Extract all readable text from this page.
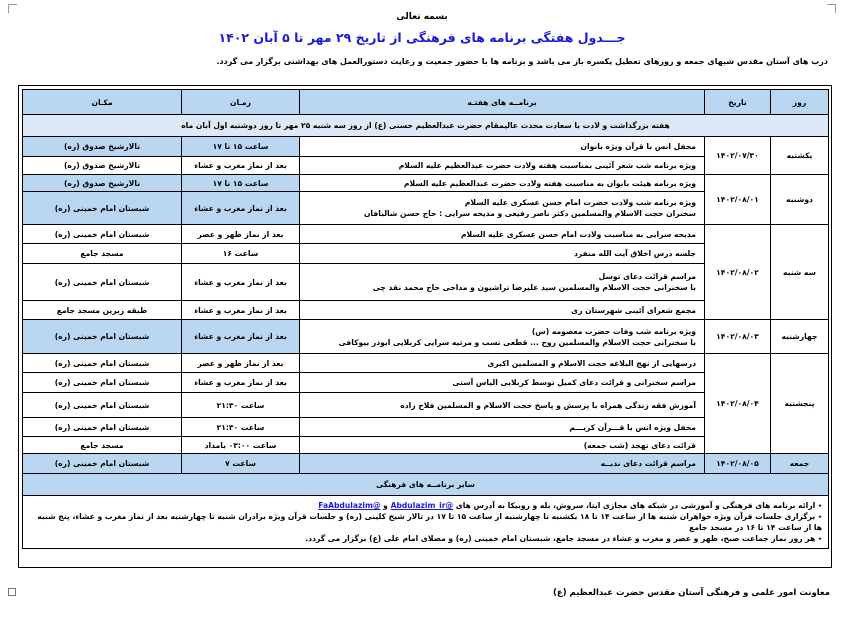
بسمه تعالی
جـــدول هفتگی برنامه های فرهنگی از تاریخ ۲۹ مهر تا ۵ آبان ۱۴۰۲
درب های آستان مقدس شبهای جمعه و روزهای تعطیل یکسره باز می باشد و برنامه ها با حضور جمعیت و رعایت دستورالعمل های بهداشتی برگزار می گردد.
روز	تاریخ	برنامــه های هفتـه	زمـان	مکـان
هفته بزرگداشت و لادت با سعادت محدث عالیمقام حضرت عبدالعظیم حسنی (ع) از روز سه شنبه ۲۵ مهر تا روز دوشنبه اول آبان ماه				
یکشنبه	۱۴۰۲/۰۷/۳۰	محفل انس با قرآن ویژه بانوان	ساعت ۱۵ تا ۱۷	تالارشیخ صدوق (ره)
		ویژه برنامه شب شعر آئینی بمناسبت هفته ولادت حضرت عبدالعظیم علیه السلام	بعد از نماز مغرب و عشاء	تالارشیخ صدوق (ره)
دوشنبه	۱۴۰۲/۰۸/۰۱	ویژه برنامه هیئت بانوان به مناسبت هفته ولادت حضرت عبدالعظیم علیه السلام	ساعت ۱۵ تا ۱۷	تالارشیخ صدوق (ره)

		ویژه برنامه شب ولادت حضرت امام حسن عسکری علیه السلام
سخنران حجت الاسلام والمسلمین دکتر ناصر رفیعی و مدیحه سرایی : حاج حسن شالبافان	بعد از نماز مغرب و عشاء	شبستان امام خمینی (ره)
سه شنبه	۱۴۰۲/۰۸/۰۲	مدیحه سرایی به مناسبت ولادت امام حسن عسکری علیه السلام	بعد از نماز ظهر و عصر	شبستان امام خمینی (ره)
		جلسه درس اخلاق آیت الله منفرد	ساعت ۱۶	مسجد جامع

		مراسم قرائت دعای توسل
با سخنرانی حجت الاسلام والمسلمین سید علیرضا تراشیون و مداحی حاج محمد نقد چی	بعد از نماز مغرب و عشاء	شبستان امام خمینی (ره)
		مجمع شعرای آئینی شهرستان ری	بعد از نماز مغرب و عشاء	طبقه زیرین مسجد جامع
چهارشنبه	۱۴۰۲/۰۸/۰۳	ویژه برنامه شب وفات حضرت معصومه (س)
با سخنرانی حجت الاسلام والمسلمین روح ... قطعی نسب و مرثیه سرایی کربلایی ابوذر بیوکافی	بعد از نماز مغرب و عشاء	شبستان امام خمینی (ره)
پنجشنبه	۱۴۰۲/۰۸/۰۴	درسهایی از نهج البلاغه حجت الاسلام و المسلمین اکبری	بعد از نماز ظهر و عصر	شبستان امام خمینی (ره)
		مراسم سخنرانی و قرائت دعای کمیل توسط کربلایی الیاس آستی	بعد از نماز مغرب و عشاء	شبستان امام خمینی (ره)
		آموزش فقه زندگی همراه با پرسش و پاسخ حجت الاسلام و المسلمین فلاح زاده	ساعت ۲۱:۳۰	شبستان امام خمینی (ره)
		محفل ویژه انس با قـــرآن کریـــم	ساعت ۲۱:۳۰	شبستان امام خمینی (ره)
		قرائت دعای تهجد (شب جمعه)	ساعت ۰۳:۰۰ بامداد	مسجد جامع
جمعه	۱۴۰۲/۰۸/۰۵	مراسم قرائت دعای ندبــه	ساعت ۷	شبستان امام خمینی (ره)
سایر برنامــه های فرهنگی				

٭ ارائه برنامه های فرهنگی و آموزشی در شبکه های مجازی ایتا، سروش، بله و روبیکا به آدرس های @Abdulazim_ir و @FaAbdulazim
٭ برگزاری جلسات قرآن ویژه خواهران شنبه ها از ساعت ۱۴ تا ۱۸ یکشنبه تا چهارشنبه از ساعت ۱۵ تا ۱۷ در تالار شیخ کلینی (ره) و جلسات قرآن ویژه برادران شنبه تا چهارشنبه بعد از نماز مغرب و عشاء، پنج شنبه ها از ساعت ۱۴ تا ۱۶ در مسجد جامع
٭ هر روز نماز جماعت صبح، ظهر و عصر و مغرب و عشاء در مسجد جامع، شبستان امام خمینی (ره) و مصلای امام علی (ع) برگزار می گردد.				
معاونت امور علمی و فرهنگی آستان مقدس حضرت عبدالعظیم (ع)
